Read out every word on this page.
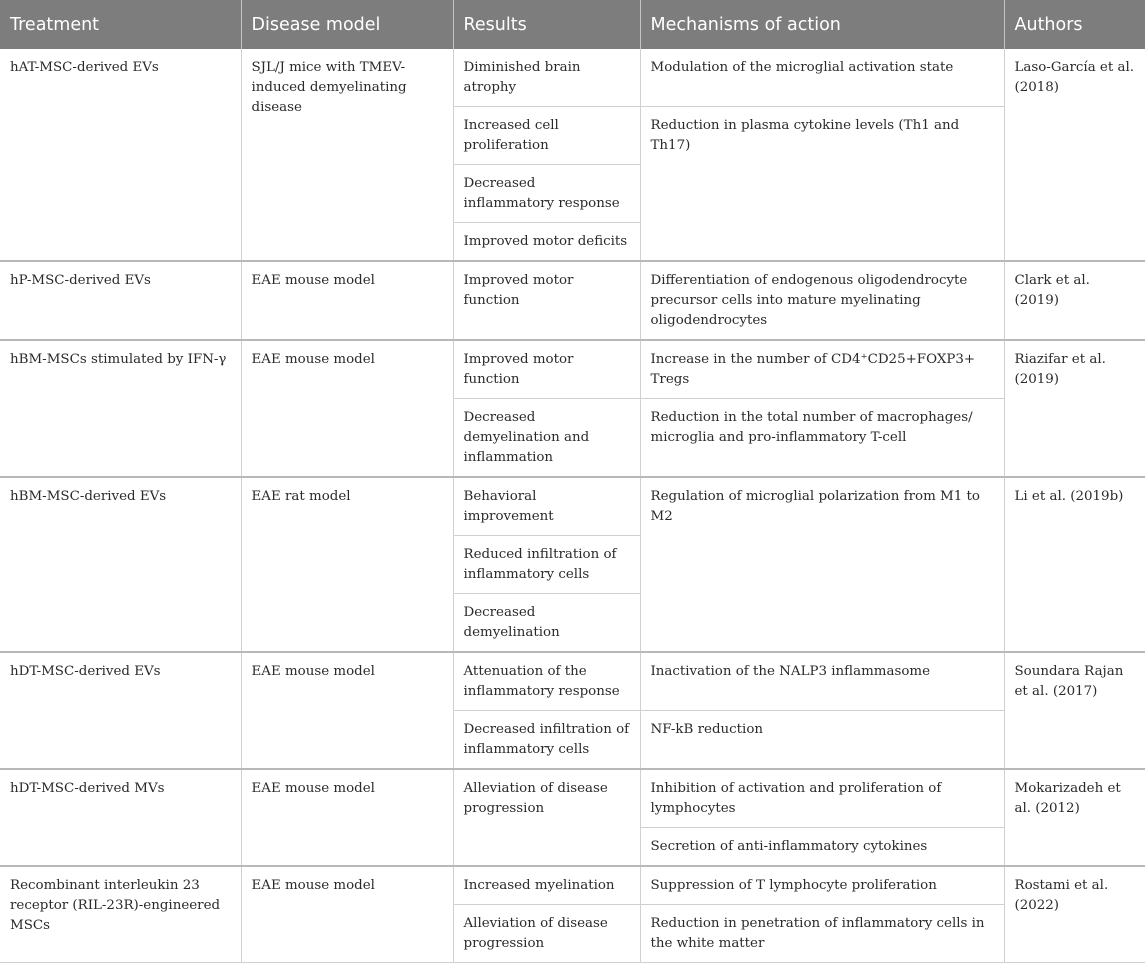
Treatment	Disease model	Results	Mechanisms of action	Authors
hAT-MSC-derived EVs	SJL/J mice with TMEV-induced demyelinating disease	Diminished brain atrophy	Modulation of the microglial activation state	Laso-García et al. (2018)
		Increased cell proliferation	Reduction in plasma cytokine levels (Th1 and Th17)	
		Decreased inflammatory response		
		Improved motor deficits		
hP-MSC-derived EVs	EAE mouse model	Improved motor function	Differentiation of endogenous oligodendrocyte precursor cells into mature myelinating oligodendrocytes	Clark et al. (2019)
hBM-MSCs stimulated by IFN-γ	EAE mouse model	Improved motor function	Increase in the number of CD4⁺CD25+FOXP3+ Tregs	Riazifar et al. (2019)
		Decreased demyelination and inflammation	Reduction in the total number of macrophages/ microglia and pro-inflammatory T-cell	
hBM-MSC-derived EVs	EAE rat model	Behavioral improvement	Regulation of microglial polarization from M1 to M2	Li et al. (2019b)
		Reduced infiltration of inflammatory cells		
		Decreased demyelination		
hDT-MSC-derived EVs	EAE mouse model	Attenuation of the inflammatory response	Inactivation of the NALP3 inflammasome	Soundara Rajan et al. (2017)
		Decreased infiltration of inflammatory cells	NF-kB reduction	
hDT-MSC-derived MVs	EAE mouse model	Alleviation of disease progression	Inhibition of activation and proliferation of lymphocytes	Mokarizadeh et al. (2012)
			Secretion of anti-inflammatory cytokines	
Recombinant interleukin 23 receptor (RIL-23R)-engineered MSCs	EAE mouse model	Increased myelination	Suppression of T lymphocyte proliferation	Rostami et al. (2022)
		Alleviation of disease progression	Reduction in penetration of inflammatory cells in the white matter	
